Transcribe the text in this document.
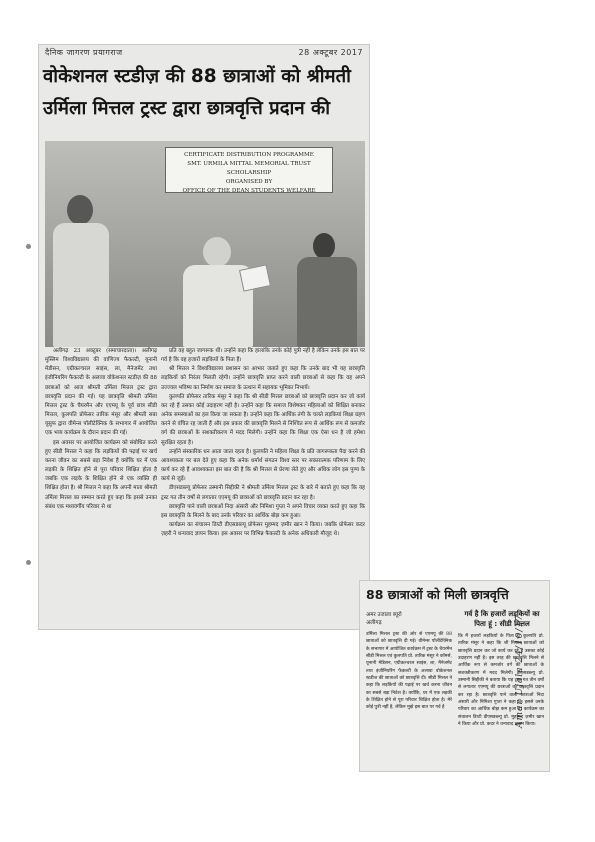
दैनिक जागरण प्रयागराज	28 अक्टूबर 2017
वोकेशनल स्टडीज़ की 88 छात्राओं को श्रीमती
उर्मिला मित्तल ट्रस्ट द्वारा छात्रवृत्ति प्रदान की
CERTIFICATE DISTRIBUTION PROGRAMME
SMT. URMILA MITTAL MEMORIAL TRUST SCHOLARSHIP
ORGANISED BY
OFFICE OF THE DEAN STUDENTS WELFARE

अलीगढ़ 23 अक्टूबर (समाचारदाता)। अलीगढ़ मुस्लिम विश्वविद्यालय की वाणिज्य फैकल्टी, यूनानी मेडीसन, एग्रीकल्चरल साइंस, ला, मैनेजमेंट तथा इंजीनियरिंग फैकल्टी के अलावा वोकेशनल स्टडीज़ की 88 छात्राओं को आज श्रीमती उर्मिला मित्तल ट्रस्ट द्वारा छात्रवृत्ति प्रदान की गई। यह छात्रवृत्ति श्रीमती उर्मिला मित्तल ट्रस्ट के चैयरमैन और एएमयू के पूर्व छात्र सीडी मित्तल, कुलपति प्रोफेसर तारिक मंसूर और श्रीमती सबा यूसुफ द्वारा वीमेन्स पॉलीटेक्निक के सभागार में आयोजित एक भव्य कार्यक्रम के दौरान प्रदान की गई।

इस अवसर पर आयोजित कार्यक्रम को संबोधित करते हुए सीडी मित्तल ने कहा कि लड़कियों की पढ़ाई पर खर्च करना जीवन का सबसे बड़ा निवेश है क्योंकि घर में एक लड़की के शिक्षित होने से पूरा परिवार शिक्षित होता है जबकि एक लड़के के शिक्षित होने से एक व्यक्ति ही शिक्षित होता है। श्री मित्तल ने कहा कि अपनी माता श्रीमती उर्मिला मित्तल का सम्मान करते हुए कहा कि इससे उनका संबंध एक मध्यवर्गीय परिवार से था

प्रति वह बहुत जागरूक थीं। उन्होंने कहा कि हालांकि उनके कोई पुत्री नहीं है लेकिन उनके इस बात पर गर्व है कि वह हजारों लड़कियों के पिता हैं।

श्री मित्तल ने विश्वविद्यालय प्रशासन का आभार जताते हुए कहा कि उनके बाद भी यह छात्रवृत्ति लड़कियों को निरंतर मिलती रहेगी। उन्होंने छात्रवृत्ति प्राप्त करने वाली छात्राओं से कहा कि वह अपने उज्ज्वल भविष्य का निर्माण कर समाज के उत्थान में सहायक भूमिका निभायें।

कुलपति प्रोफेसर तारिक मंसूर ने कहा कि श्री सीडी मित्तल छात्राओं को छात्रवृत्ति प्रदान कर जो कार्य कर रहे हैं उसका कोई उदाहरण नहीं है। उन्होंने कहा कि समाज विशेषकर महिलाओं को शिक्षित बनाकर अनेक समस्याओं का हल किया जा सकता है। उन्होंने कहा कि आर्थिक तंगी के चलते लड़कियां शिक्षा ग्रहण करने से वंचित रह जाती हैं और इस प्रकार की छात्रवृत्ति मिलने से निश्चित रूप से आर्थिक रूप से कमजोर वर्ग की छात्राओं के सशक्तीकरण में मदद मिलेगी। उन्होंने कहा कि शिक्षा एक ऐसा धन है जो हमेशा सुरक्षित रहता है।

उन्होंने संस्कारिक धन आता जाता रहता है। कुलपति ने महिला शिक्षा के प्रति जागरूकता पैदा करने की आवश्यकता पर बल देते हुए कहा कि अनेक धर्मार्थ संगठन विश्व स्तर पर सकारात्मक परिणाम के लिए कार्य कर रहे हैं आवश्यकता इस बात की है कि श्री मित्तल से प्रेरणा लेते हुए और अधिक लोग इस पुण्य के कार्य से जुड़ें।

डीएसडब्ल्यू प्रोफेसर उस्मानी सिद्दीकी ने श्रीमती उर्मिला मित्तल ट्रस्ट के बारे में बताते हुए कहा कि यह ट्रस्ट गत तीन वर्षों से लगातार एएमयू की छात्राओं को छात्रवृत्ति प्रदान कर रहा है।

छात्रवृत्ति पाने वाली छात्राओं निदा अंसारी और निमिशा गुप्ता ने अपने विचार व्यक्त करते हुए कहा कि इस छात्रवृत्ति के मिलने के बाद उनके परिवार का आर्थिक बोझ कम हुआ।

कार्यक्रम का संचालन डिप्टी डीएसडब्ल्यू प्रोफेसर मुहम्मद ज़मीर खान ने किया। जबकि प्रोफेसर कदर ज़हरी ने धन्यवाद ज्ञापन किया। इस अवसर पर विभिन्न फैकल्टी के अनेक अधिकारी मौजूद थे।

88 छात्राओं को मिली छात्रवृत्ति
अमर उजाला ब्यूरो
अलीगढ़
गर्व है कि हजारों लड़कियों का पिता हूं : सीडी मित्तल

उर्मिला मित्तल ट्रस्ट की ओर से एएमयू की 88 छात्राओं को छात्रवृत्ति दी गई। वीमेन्स पॉलीटेक्निक के सभागार में आयोजित कार्यक्रम में ट्रस्ट के चैयरमैन सीडी मित्तल एवं कुलपति प्रो. तारिक मंसूर ने कॉमर्स, यूनानी मेडिसन, एग्रीकल्चरल साइंस, ला, मैनेजमेंट तथा इंजीनियरिंग फैकल्टी के अलावा वोकेशनल स्टडीज की छात्राओं को छात्रवृत्ति दी। सीडी मित्तल ने कहा कि लड़कियों की पढ़ाई पर खर्च करना जीवन का सबसे बड़ा निवेश है। क्योंकि, घर में एक लड़की के शिक्षित होने से पूरा परिवार शिक्षित होता है। मेरे कोई पुत्री नहीं है, लेकिन मुझे इस बात पर गर्व है

कि मैं हजारों लड़कियों के पिता हूं। कुलपति प्रो. तारिक मंसूर ने कहा कि श्री मित्तल छात्राओं को छात्रवृत्ति प्रदान कर जो कार्य कर रहे हैं उसका कोई उदाहरण नहीं है। इस तरह की छात्रवृत्ति मिलने से आर्थिक रूप से कमजोर वर्ग की छात्राओं के सशक्तीकरण में मदद मिलेगी। डीएसडब्ल्यू प्रो. उस्मानी सिद्दीकी ने बताया कि यह ट्रस्ट गत तीन वर्षों से लगातार एएमयू की छात्राओं को छात्रवृत्ति प्रदान कर रहा है। छात्रवृत्ति पाने वाली छात्राओं निदा अंसारी और निमिशा गुप्ता ने कहा कि इससे उनके परिवार का आर्थिक बोझ कम हुआ है। कार्यक्रम का संचालन डिप्टी डीएसडब्ल्यू प्रो. मुहम्मद ज़मीर खान ने किया और प्रो. कदर ने धन्यवाद ज्ञापन किया।

Amar Ujala 24/10/17
